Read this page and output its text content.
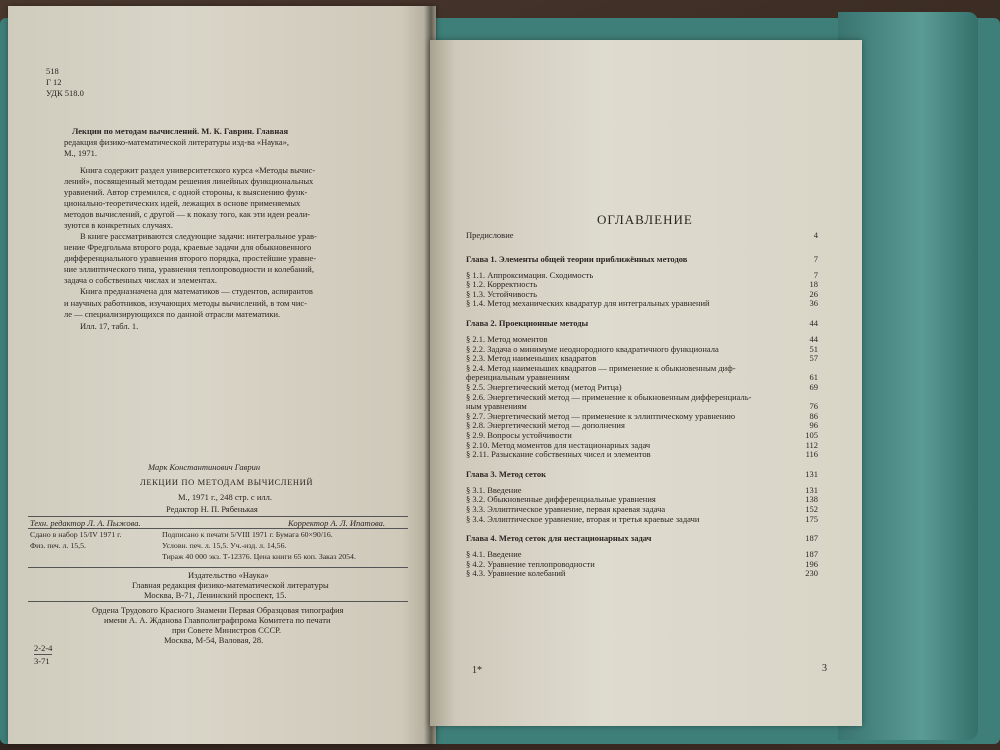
518
Г 12
УДК 518.0
Лекции по методам вычислений. М. К. Гаврин. Главная
редакция физико-математической литературы изд-ва «Наука»,
М., 1971.
Книга содержит раздел университетского курса «Методы вычис-
лений», посвященный методам решения линейных функциональных
уравнений. Автор стремился, с одной стороны, к выяснению функ-
ционально-теоретических идей, лежащих в основе применяемых
методов вычислений, с другой — к показу того, как эти идеи реали-
зуются в конкретных случаях.
В книге рассматриваются следующие задачи: интегральное урав-
нение Фредгольма второго рода, краевые задачи для обыкновенного
дифференциального уравнения второго порядка, простейшие уравне-
ние эллиптического типа, уравнения теплопроводности и колебаний,
задача о собственных числах и элементах.
Книга предназначена для математиков — студентов, аспирантов
и научных работников, изучающих методы вычислений, в том чис-
ле — специализирующихся по данной отрасли математики.
Илл. 17, табл. 1.
Марк Константинович Гаврин
ЛЕКЦИИ ПО МЕТОДАМ ВЫЧИСЛЕНИЙ
М., 1971 г., 248 стр. с илл.
Редактор Н. П. Рябенькая
Техн. редактор Л. А. Пыжова.	Корректор А. Л. Ипатова.
Сдано в набор 15/IV 1971 г.	Подписано к печати 5/VIII 1971 г. Бумага 60×90/16.
Физ. печ. л. 15,5.	Условн. печ. л. 15,5. Уч.-изд. л. 14,56.
Тираж 40 000 экз. Т-12376. Цена книги 65 коп. Заказ 2054.
Издательство «Наука»
Главная редакция физико-математической литературы
Москва, В-71, Ленинский проспект, 15.
Ордена Трудового Красного Знамени Первая Образцовая типография
имени А. А. Жданова Главполиграфпрома Комитета по печати
при Совете Министров СССР.
Москва, М-54, Валовая, 28.
2-2-4
3-71
ОГЛАВЛЕНИЕ
Предисловие	4
Глава 1. Элементы общей теории приближённых методов	7
§ 1.1. Аппроксимация. Сходимость	7
§ 1.2. Корректность	18
§ 1.3. Устойчивость	26
§ 1.4. Метод механических квадратур для интегральных уравнений	36
Глава 2. Проекционные методы	44
§ 2.1. Метод моментов	44
§ 2.2. Задача о минимуме неоднородного квадратичного функционала	51
§ 2.3. Метод наименьших квадратов	57
§ 2.4. Метод наименьших квадратов — применение к обыкновенным диф-
ференциальным уравнениям	61
§ 2.5. Энергетический метод (метод Ритца)	69
§ 2.6. Энергетический метод — применение к обыкновенным дифференциаль-
ным уравнениям	76
§ 2.7. Энергетический метод — применение к эллиптическому уравнению	86
§ 2.8. Энергетический метод — дополнения	96
§ 2.9. Вопросы устойчивости	105
§ 2.10. Метод моментов для нестационарных задач	112
§ 2.11. Разыскание собственных чисел и элементов	116
Глава 3. Метод сеток	131
§ 3.1. Введение	131
§ 3.2. Обыкновенные дифференциальные уравнения	138
§ 3.3. Эллиптическое уравнение, первая краевая задача	152
§ 3.4. Эллиптическое уравнение, вторая и третья краевые задачи	175
Глава 4. Метод сеток для нестационарных задач	187
§ 4.1. Введение	187
§ 4.2. Уравнение теплопроводности	196
§ 4.3. Уравнение колебаний	230
1*	3
